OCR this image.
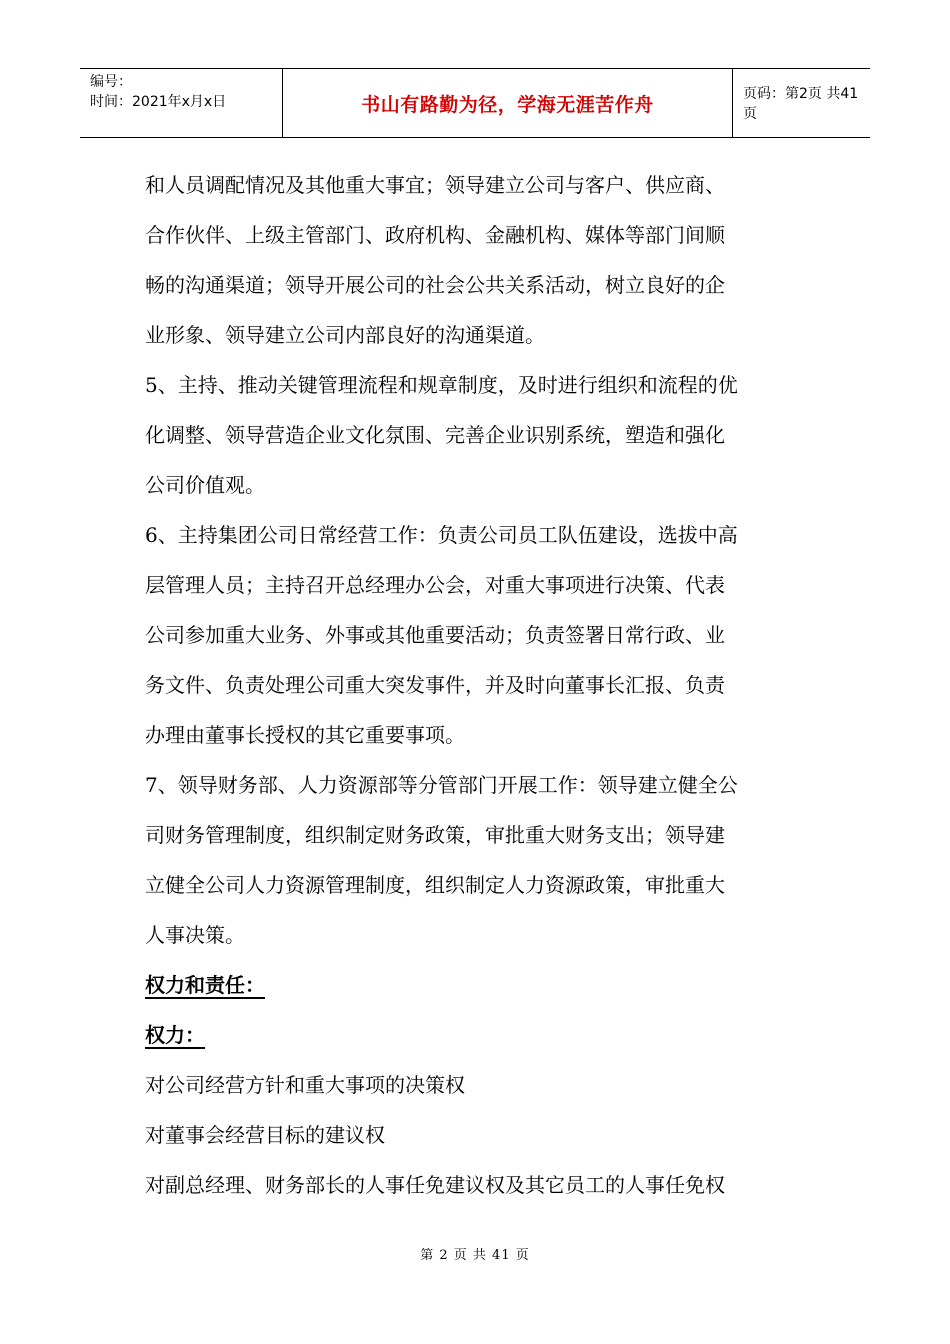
编号：
时间：2021年x月x日	书山有路勤为径，学海无涯苦作舟	页码：第2页 共41页
和人员调配情况及其他重大事宜；领导建立公司与客户、供应商、
合作伙伴、上级主管部门、政府机构、金融机构、媒体等部门间顺
畅的沟通渠道；领导开展公司的社会公共关系活动，树立良好的企
业形象、领导建立公司内部良好的沟通渠道。
5、主持、推动关键管理流程和规章制度，及时进行组织和流程的优
化调整、领导营造企业文化氛围、完善企业识别系统，塑造和强化
公司价值观。
6、主持集团公司日常经营工作：负责公司员工队伍建设，选拔中高
层管理人员；主持召开总经理办公会，对重大事项进行决策、代表
公司参加重大业务、外事或其他重要活动；负责签署日常行政、业
务文件、负责处理公司重大突发事件，并及时向董事长汇报、负责
办理由董事长授权的其它重要事项。
7、领导财务部、人力资源部等分管部门开展工作：领导建立健全公
司财务管理制度，组织制定财务政策，审批重大财务支出；领导建
立健全公司人力资源管理制度，组织制定人力资源政策，审批重大
人事决策。
权力和责任：
权力：
对公司经营方针和重大事项的决策权
对董事会经营目标的建议权
对副总经理、财务部长的人事任免建议权及其它员工的人事任免权
第 2 页 共 41 页
